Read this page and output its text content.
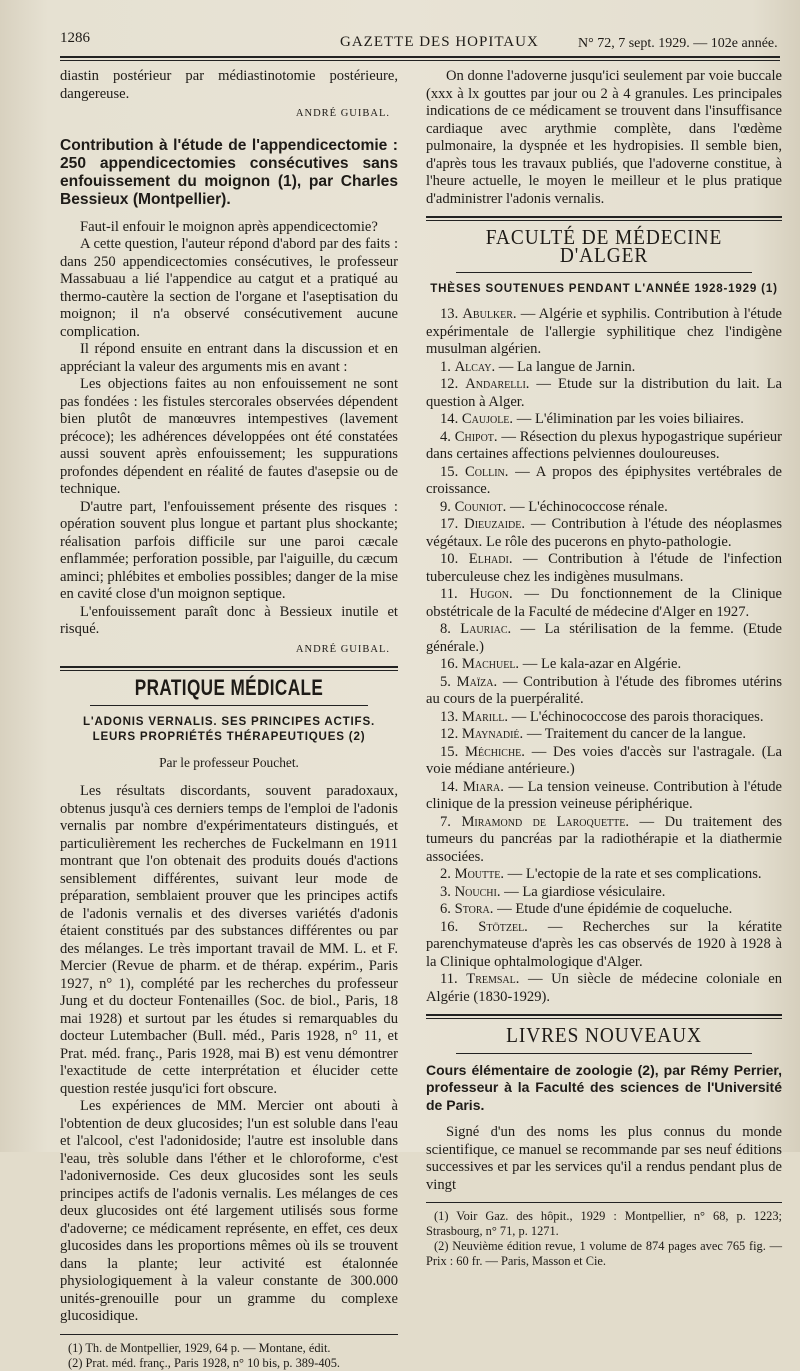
1286	GAZETTE DES HOPITAUX	N° 72, 7 sept. 1929. — 102e année.

diastin postérieur par médiastinotomie postérieure, dangereuse.

ANDRÉ GUIBAL.
Contribution à l'étude de l'appendicectomie : 250 appendicectomies consécutives sans enfouissement du moignon (1), par Charles Bessieux (Montpellier).

Faut-il enfouir le moignon après appendicectomie?

A cette question, l'auteur répond d'abord par des faits : dans 250 appendicectomies consécutives, le professeur Massabuau a lié l'appendice au catgut et a pratiqué au thermo-cautère la section de l'organe et l'aseptisation du moignon; il n'a observé consécutivement aucune complication.

Il répond ensuite en entrant dans la discussion et en appréciant la valeur des arguments mis en avant :

Les objections faites au non enfouissement ne sont pas fondées : les fistules stercorales observées dépendent bien plutôt de manœuvres intempestives (lavement précoce); les adhérences développées ont été constatées aussi souvent après enfouissement; les suppurations profondes dépendent en réalité de fautes d'asepsie ou de technique.

D'autre part, l'enfouissement présente des risques : opération souvent plus longue et partant plus shockante; réalisation parfois difficile sur une paroi cæcale enflammée; perforation possible, par l'aiguille, du cæcum aminci; phlébites et embolies possibles; danger de la mise en cavité close d'un moignon septique.

L'enfouissement paraît donc à Bessieux inutile et risqué.

ANDRÉ GUIBAL.
PRATIQUE MÉDICALE
L'ADONIS VERNALIS. SES PRINCIPES ACTIFS.
LEURS PROPRIÉTÉS THÉRAPEUTIQUES (2)
Par le professeur Pouchet.

Les résultats discordants, souvent paradoxaux, obtenus jusqu'à ces derniers temps de l'emploi de l'adonis vernalis par nombre d'expérimentateurs distingués, et particulièrement les recherches de Fuckelmann en 1911 montrant que l'on obtenait des produits doués d'actions sensiblement différentes, suivant leur mode de préparation, semblaient prouver que les principes actifs de l'adonis vernalis et des diverses variétés d'adonis étaient constitués par des substances différentes ou par des mélanges. Le très important travail de MM. L. et F. Mercier (Revue de pharm. et de thérap. expérim., Paris 1927, n° 1), complété par les recherches du professeur Jung et du docteur Fontenailles (Soc. de biol., Paris, 18 mai 1928) et surtout par les études si remarquables du docteur Lutembacher (Bull. méd., Paris 1928, n° 11, et Prat. méd. franç., Paris 1928, mai B) est venu démontrer l'exactitude de cette interprétation et élucider cette question restée jusqu'ici fort obscure.

Les expériences de MM. Mercier ont abouti à l'obtention de deux glucosides; l'un est soluble dans l'eau et l'alcool, c'est l'adonidoside; l'autre est insoluble dans l'eau, très soluble dans l'éther et le chloroforme, c'est l'adonivernoside. Ces deux glucosides sont les seuls principes actifs de l'adonis vernalis. Les mélanges de ces deux glucosides ont été largement utilisés sous forme d'adoverne; ce médicament représente, en effet, ces deux glucosides dans les proportions mêmes où ils se trouvent dans la plante; leur activité est étalonnée physiologiquement à la valeur constante de 300.000 unités-grenouille pour un gramme du complexe glucosidique.

(1) Th. de Montpellier, 1929, 64 p. — Montane, édit.

(2) Prat. méd. franç., Paris 1928, n° 10 bis, p. 389-405.

On donne l'adoverne jusqu'ici seulement par voie buccale (xxx à lx gouttes par jour ou 2 à 4 granules. Les principales indications de ce médicament se trouvent dans l'insuffisance cardiaque avec arythmie complète, dans l'œdème pulmonaire, la dyspnée et les hydropisies. Il semble bien, d'après tous les travaux publiés, que l'adoverne constitue, à l'heure actuelle, le moyen le meilleur et le plus pratique d'administrer l'adonis vernalis.

FACULTÉ DE MÉDECINE D'ALGER
THÈSES SOUTENUES PENDANT L'ANNÉE 1928-1929 (1)

13. Abulker. — Algérie et syphilis. Contribution à l'étude expérimentale de l'allergie syphilitique chez l'indigène musulman algérien.

1. Alcay. — La langue de Jarnin.

12. Andarelli. — Etude sur la distribution du lait. La question à Alger.

14. Caujole. — L'élimination par les voies biliaires.

4. Chipot. — Résection du plexus hypogastrique supérieur dans certaines affections pelviennes douloureuses.

15. Collin. — A propos des épiphysites vertébrales de croissance.

9. Couniot. — L'échinococcose rénale.

17. Dieuzaide. — Contribution à l'étude des néoplasmes végétaux. Le rôle des pucerons en phyto-pathologie.

10. Elhadi. — Contribution à l'étude de l'infection tuberculeuse chez les indigènes musulmans.

11. Hugon. — Du fonctionnement de la Clinique obstétricale de la Faculté de médecine d'Alger en 1927.

8. Lauriac. — La stérilisation de la femme. (Etude générale.)

16. Machuel. — Le kala-azar en Algérie.

5. Maïza. — Contribution à l'étude des fibromes utérins au cours de la puerpéralité.

13. Marill. — L'échinococcose des parois thoraciques.

12. Maynadié. — Traitement du cancer de la langue.

15. Méchiche. — Des voies d'accès sur l'astragale. (La voie médiane antérieure.)

14. Miara. — La tension veineuse. Contribution à l'étude clinique de la pression veineuse périphérique.

7. Miramond de Laroquette. — Du traitement des tumeurs du pancréas par la radiothérapie et la diathermie associées.

2. Moutte. — L'ectopie de la rate et ses complications.

3. Nouchi. — La giardiose vésiculaire.

6. Stora. — Etude d'une épidémie de coqueluche.

16. Stötzel. — Recherches sur la kératite parenchymateuse d'après les cas observés de 1920 à 1928 à la Clinique ophtalmologique d'Alger.

11. Tremsal. — Un siècle de médecine coloniale en Algérie (1830-1929).

LIVRES NOUVEAUX

Cours élémentaire de zoologie (2), par Rémy Perrier, professeur à la Faculté des sciences de l'Université de Paris.

Signé d'un des noms les plus connus du monde scientifique, ce manuel se recommande par ses neuf éditions successives et par les services qu'il a rendus pendant plus de vingt

(1) Voir Gaz. des hôpit., 1929 : Montpellier, n° 68, p. 1223; Strasbourg, n° 71, p. 1271.

(2) Neuvième édition revue, 1 volume de 874 pages avec 765 fig. — Prix : 60 fr. — Paris, Masson et Cie.
